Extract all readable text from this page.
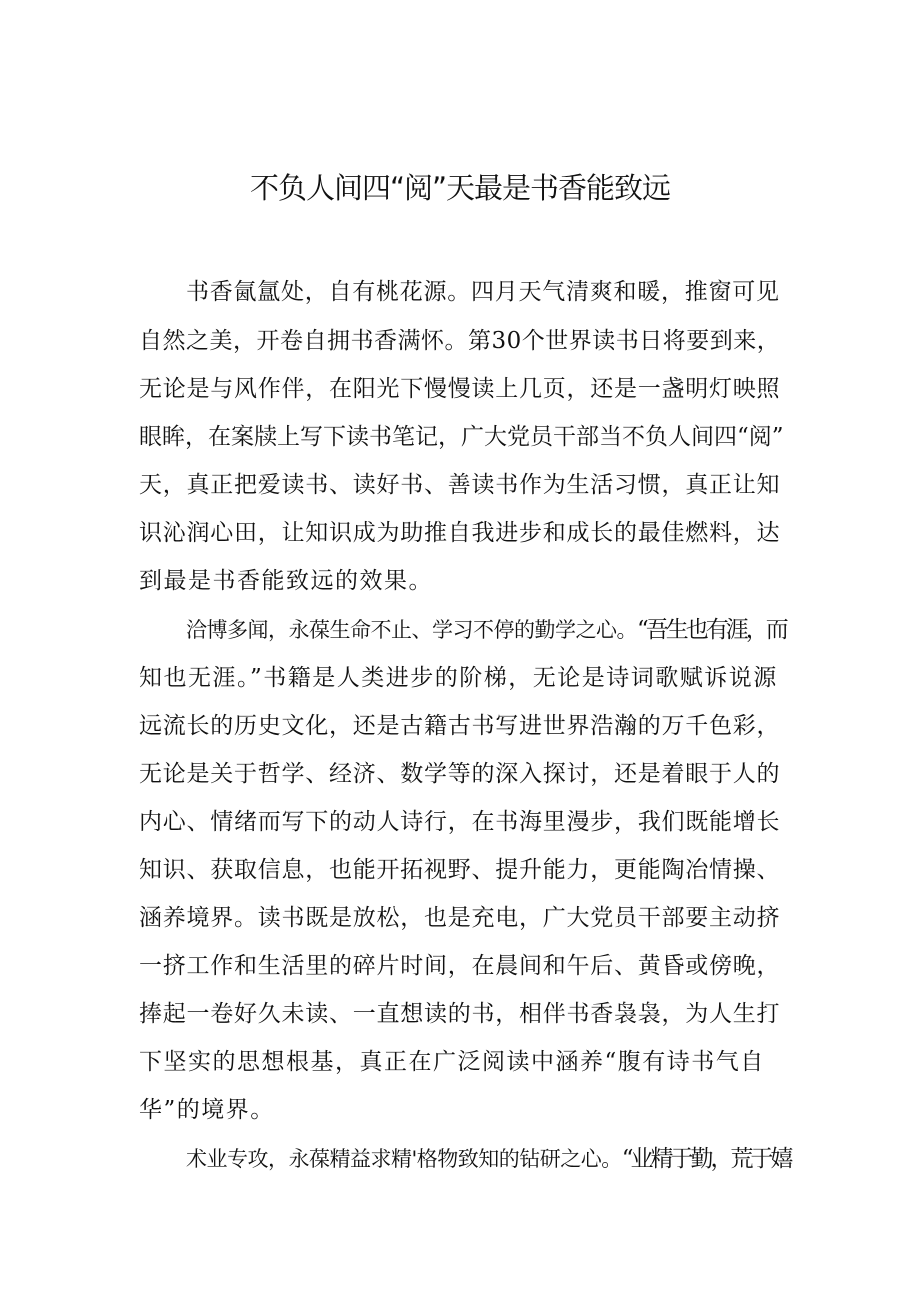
不负人间四“阅”天最是书香能致远
书香氤氲处，自有桃花源。四月天气清爽和暖，推窗可见
自然之美，开卷自拥书香满怀。第30个世界读书日将要到来，
无论是与风作伴，在阳光下慢慢读上几页，还是一盏明灯映照
眼眸，在案牍上写下读书笔记，广大党员干部当不负人间四“阅”
天，真正把爱读书、读好书、善读书作为生活习惯，真正让知
识沁润心田，让知识成为助推自我进步和成长的最佳燃料，达
到最是书香能致远的效果。
洽博多闻，永葆生命不止、学习不停的勤学之心。“吾生也有涯，而
知也无涯。”书籍是人类进步的阶梯，无论是诗词歌赋诉说源
远流长的历史文化，还是古籍古书写进世界浩瀚的万千色彩，
无论是关于哲学、经济、数学等的深入探讨，还是着眼于人的
内心、情绪而写下的动人诗行，在书海里漫步，我们既能增长
知识、获取信息，也能开拓视野、提升能力，更能陶冶情操、
涵养境界。读书既是放松，也是充电，广大党员干部要主动挤
一挤工作和生活里的碎片时间，在晨间和午后、黄昏或傍晚，
捧起一卷好久未读、一直想读的书，相伴书香袅袅，为人生打
下坚实的思想根基，真正在广泛阅读中涵养“腹有诗书气自
华”的境界。
术业专攻，永葆精益求精'格物致知的钻研之心。“业精于勤，荒于嬉
